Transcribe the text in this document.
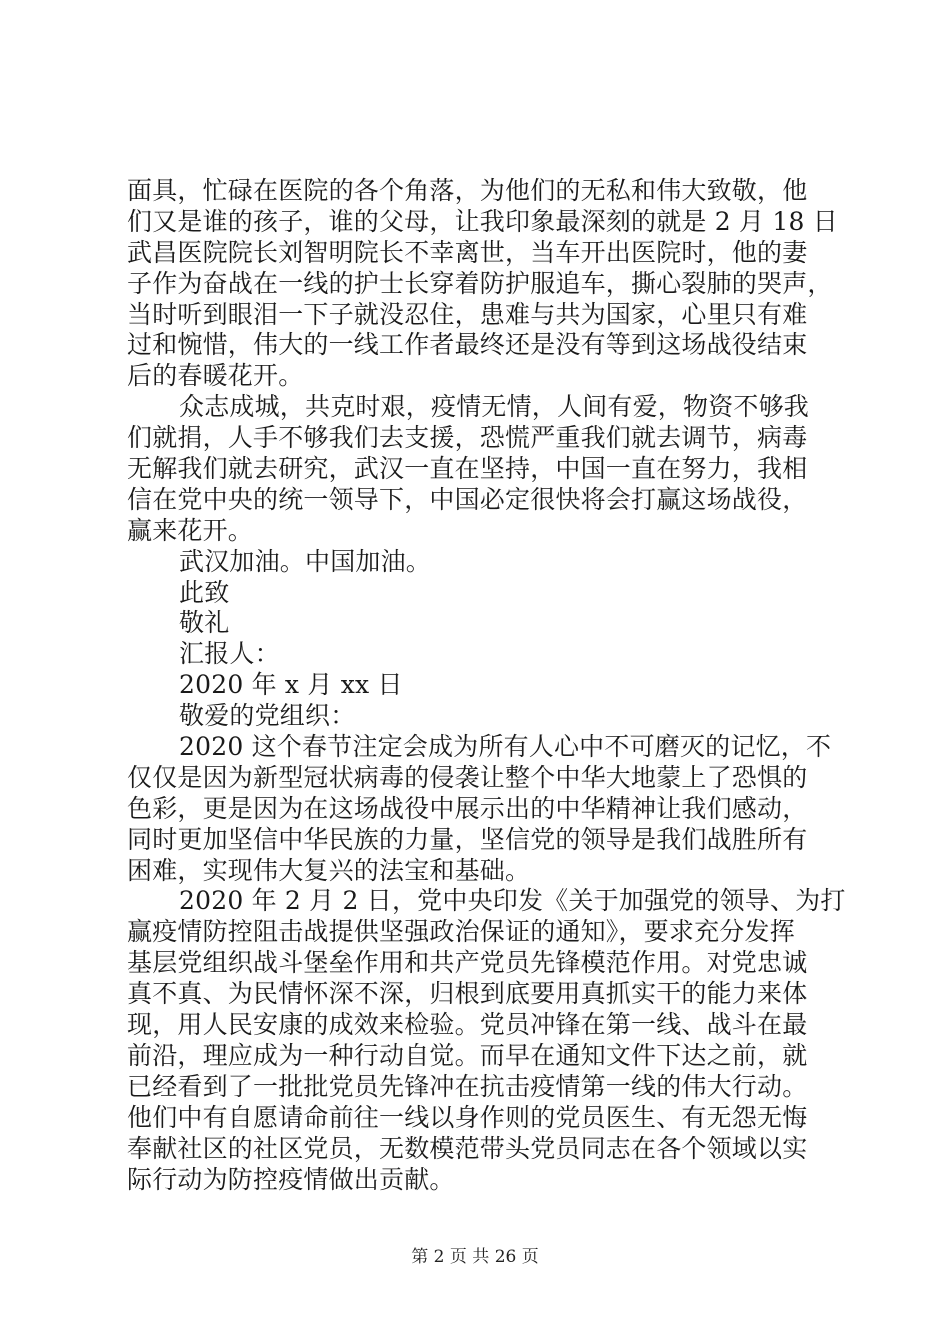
面具，忙碌在医院的各个角落，为他们的无私和伟大致敬，他
们又是谁的孩子，谁的父母，让我印象最深刻的就是 2 月 18 日
武昌医院院长刘智明院长不幸离世，当车开出医院时，他的妻
子作为奋战在一线的护士长穿着防护服追车，撕心裂肺的哭声，
当时听到眼泪一下子就没忍住，患难与共为国家，心里只有难
过和惋惜，伟大的一线工作者最终还是没有等到这场战役结束
后的春暖花开。
众志成城，共克时艰，疫情无情，人间有爱，物资不够我
们就捐，人手不够我们去支援，恐慌严重我们就去调节，病毒
无解我们就去研究，武汉一直在坚持，中国一直在努力，我相
信在党中央的统一领导下，中国必定很快将会打赢这场战役，
赢来花开。
武汉加油。中国加油。
此致
敬礼
汇报人：
2020 年 x 月 xx 日
敬爱的党组织：
2020 这个春节注定会成为所有人心中不可磨灭的记忆，不
仅仅是因为新型冠状病毒的侵袭让整个中华大地蒙上了恐惧的
色彩，更是因为在这场战役中展示出的中华精神让我们感动，
同时更加坚信中华民族的力量，坚信党的领导是我们战胜所有
困难，实现伟大复兴的法宝和基础。
2020 年 2 月 2 日，党中央印发《关于加强党的领导、为打
赢疫情防控阻击战提供坚强政治保证的通知》，要求充分发挥
基层党组织战斗堡垒作用和共产党员先锋模范作用。对党忠诚
真不真、为民情怀深不深，归根到底要用真抓实干的能力来体
现，用人民安康的成效来检验。党员冲锋在第一线、战斗在最
前沿，理应成为一种行动自觉。而早在通知文件下达之前，就
已经看到了一批批党员先锋冲在抗击疫情第一线的伟大行动。
他们中有自愿请命前往一线以身作则的党员医生、有无怨无悔
奉献社区的社区党员，无数模范带头党员同志在各个领域以实
际行动为防控疫情做出贡献。
第 2 页 共 26 页
